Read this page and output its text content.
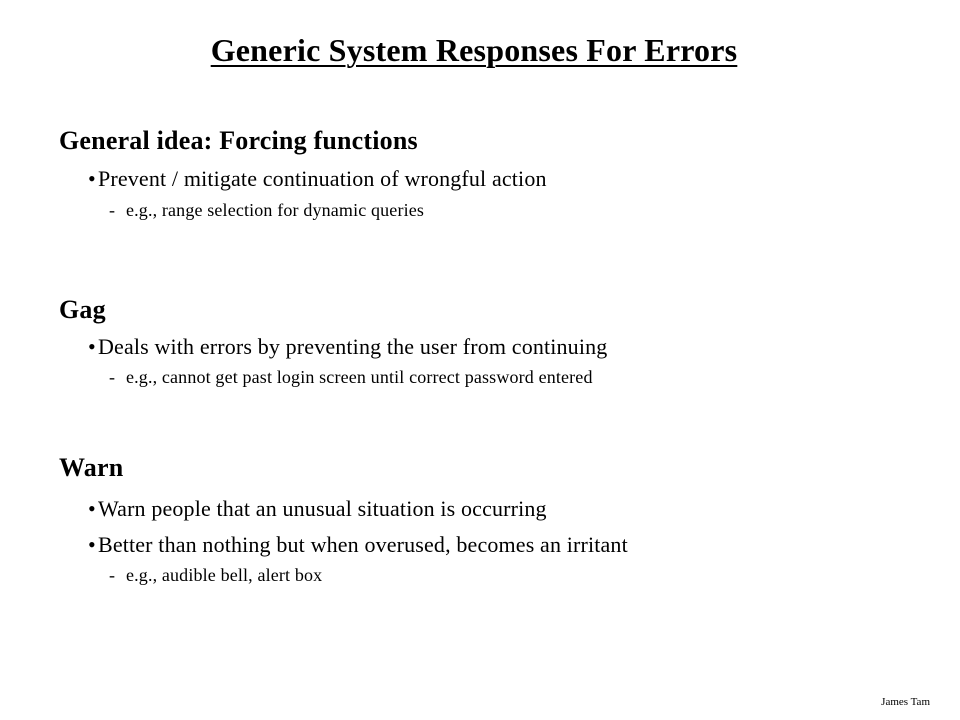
Generic System Responses For Errors
General idea: Forcing functions
•Prevent / mitigate continuation of wrongful action
- e.g., range selection for dynamic queries
Gag
•Deals with errors by preventing the user from continuing
- e.g., cannot get past login screen until correct password entered
Warn
•Warn people that an unusual situation is occurring
•Better than nothing but when overused, becomes an irritant
- e.g., audible bell, alert box
James Tam
